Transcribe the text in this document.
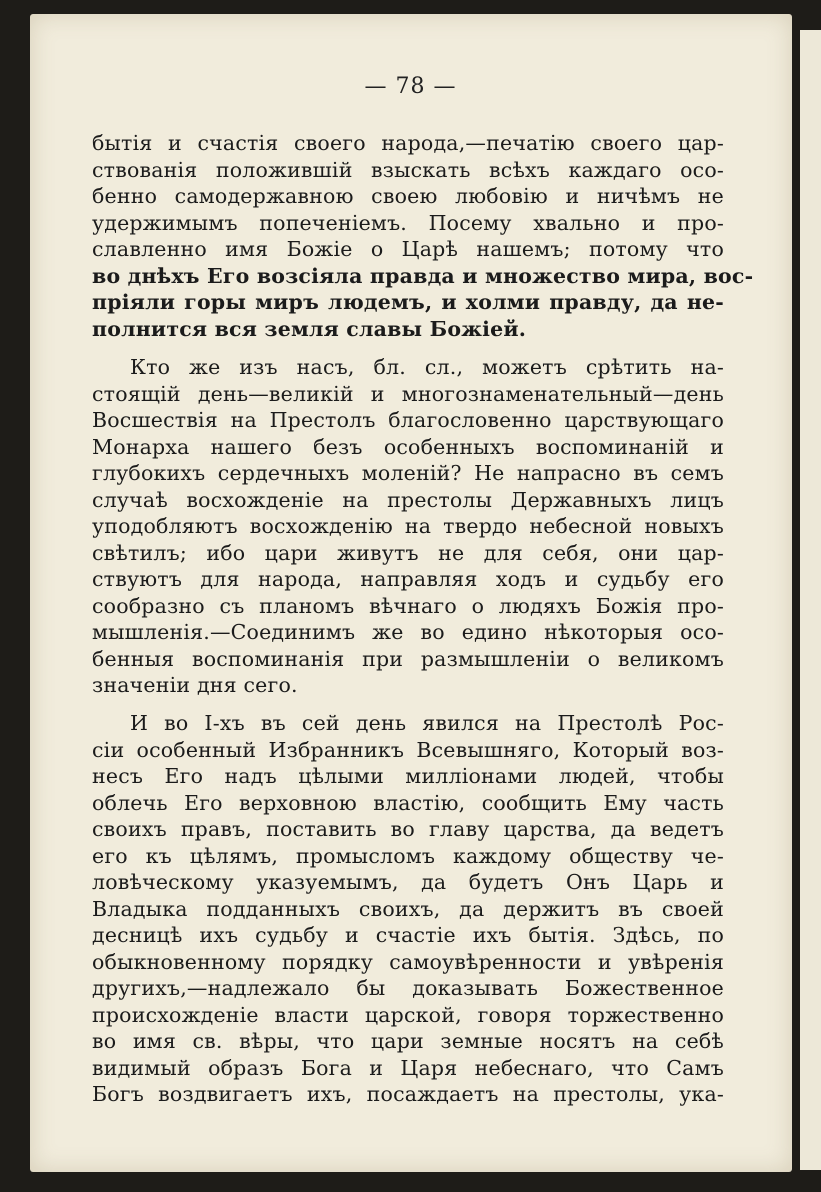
— 78 —
бытія и счастія своего народа,—печатію своего цар-
ствованія положившій взыскать всѣхъ каждаго осо-
бенно самодержавною своею любовію и ничѣмъ не
удержимымъ попеченіемъ. Посему хвально и про-
славленно имя Божіе о Царѣ нашемъ; потому что
во днѣхъ Его возсіяла правда и множество мира, вос-
пріяли горы миръ людемъ, и холми правду, да не-
полнится вся земля славы Божіей.
Кто же изъ насъ, бл. сл., можетъ срѣтить на-
стоящій день—великій и многознаменательный—день
Восшествія на Престолъ благословенно царствующаго
Монарха нашего безъ особенныхъ воспоминаній и
глубокихъ сердечныхъ моленій? Не напрасно въ семъ
случаѣ восхожденіе на престолы Державныхъ лицъ
уподобляютъ восхожденію на твердо небесной новыхъ
свѣтилъ; ибо цари живутъ не для себя, они цар-
ствуютъ для народа, направляя ходъ и судьбу его
сообразно съ планомъ вѣчнаго о людяхъ Божія про-
мышленія.—Соединимъ же во едино нѣкоторыя осо-
бенныя воспоминанія при размышленіи о великомъ
значеніи дня сего.
И во І-хъ въ сей день явился на Престолѣ Рос-
сіи особенный Избранникъ Всевышняго, Который воз-
несъ Его надъ цѣлыми милліонами людей, чтобы
облечь Его верховною властію, сообщить Ему часть
своихъ правъ, поставить во главу царства, да ведетъ
его къ цѣлямъ, промысломъ каждому обществу че-
ловѣческому указуемымъ, да будетъ Онъ Царь и
Владыка подданныхъ своихъ, да держитъ въ своей
десницѣ ихъ судьбу и счастіе ихъ бытія. Здѣсь, по
обыкновенному порядку самоувѣренности и увѣренія
другихъ,—надлежало бы доказывать Божественное
происхожденіе власти царской, говоря торжественно
во имя св. вѣры, что цари земные носятъ на себѣ
видимый образъ Бога и Царя небеснаго, что Самъ
Богъ воздвигаетъ ихъ, посаждаетъ на престолы, ука-
